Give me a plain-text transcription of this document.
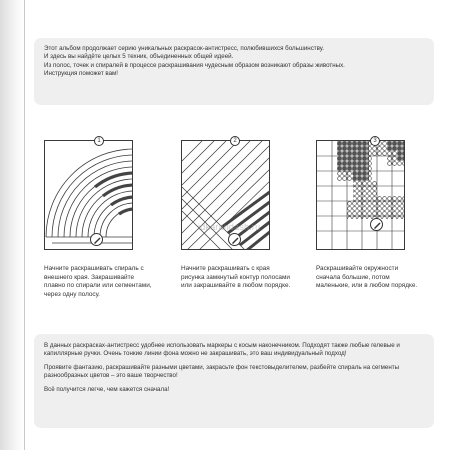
Этот альбом продолжает серию уникальных раскрасок-антистресс, полюбившихся большинству.

И здесь вы найдёте целых 5 техник, объединенных общей идеей.

Из полос, точек и спиралей в процессе раскрашивания чудесным образом возникают образы животных.

Инструкция поможет вам!

1	2	3
idkarandash.ru
Начните раскрашивать спираль с внешнего края. Закрашивайте плавно по спирали или сегментами, через одну полосу.
Начните раскрашивать с края рисунка замкнутый контур полосами или закрашивайте в любом порядке.
Раскрашивайте окружности сначала большие, потом маленькие, или в любом порядке.

В данных раскрасках-антистресс удобнее использовать маркеры с косым наконечником. Подходят также любые гелевые и капиллярные ручки. Очень тонкие линии фона можно не закрашивать, это ваш индивидуальный подход!

Проявите фантазию, раскрашивайте разными цветами, закрасьте фон текстовыделителем, разбейте спираль на сегменты разнообразных цветов – это ваше творчество!

Всё получится легче, чем кажется сначала!
